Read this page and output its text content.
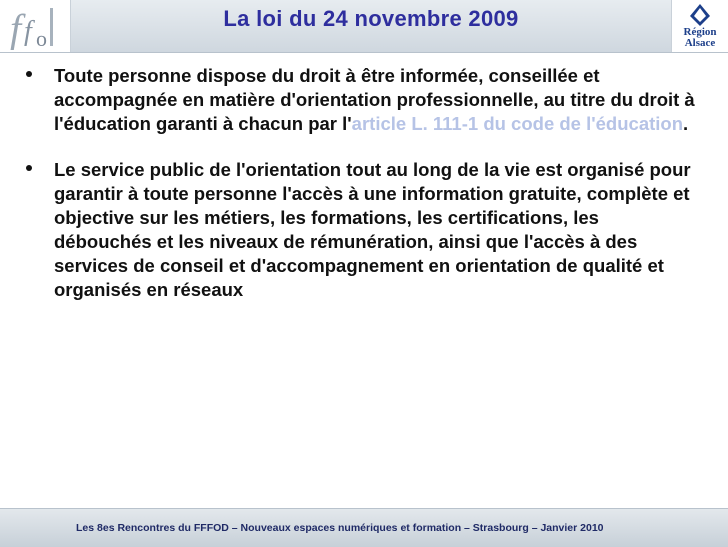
f f o
La loi du 24 novembre 2009
Région
Alsace

Toute personne dispose du droit à être informée, conseillée et accompagnée en matière d'orientation professionnelle, au titre du droit à l'éducation garanti à chacun par l'article L. 111-1 du code de l'éducation.

Le service public de l'orientation tout au long de la vie est organisé pour garantir à toute personne l'accès à une information gratuite, complète et objective sur les métiers, les formations, les certifications, les débouchés et les niveaux de rémunération, ainsi que l'accès à des services de conseil et d'accompagnement en orientation de qualité et organisés en réseaux

Les 8es Rencontres du FFFOD – Nouveaux espaces numériques et formation – Strasbourg – Janvier 2010
